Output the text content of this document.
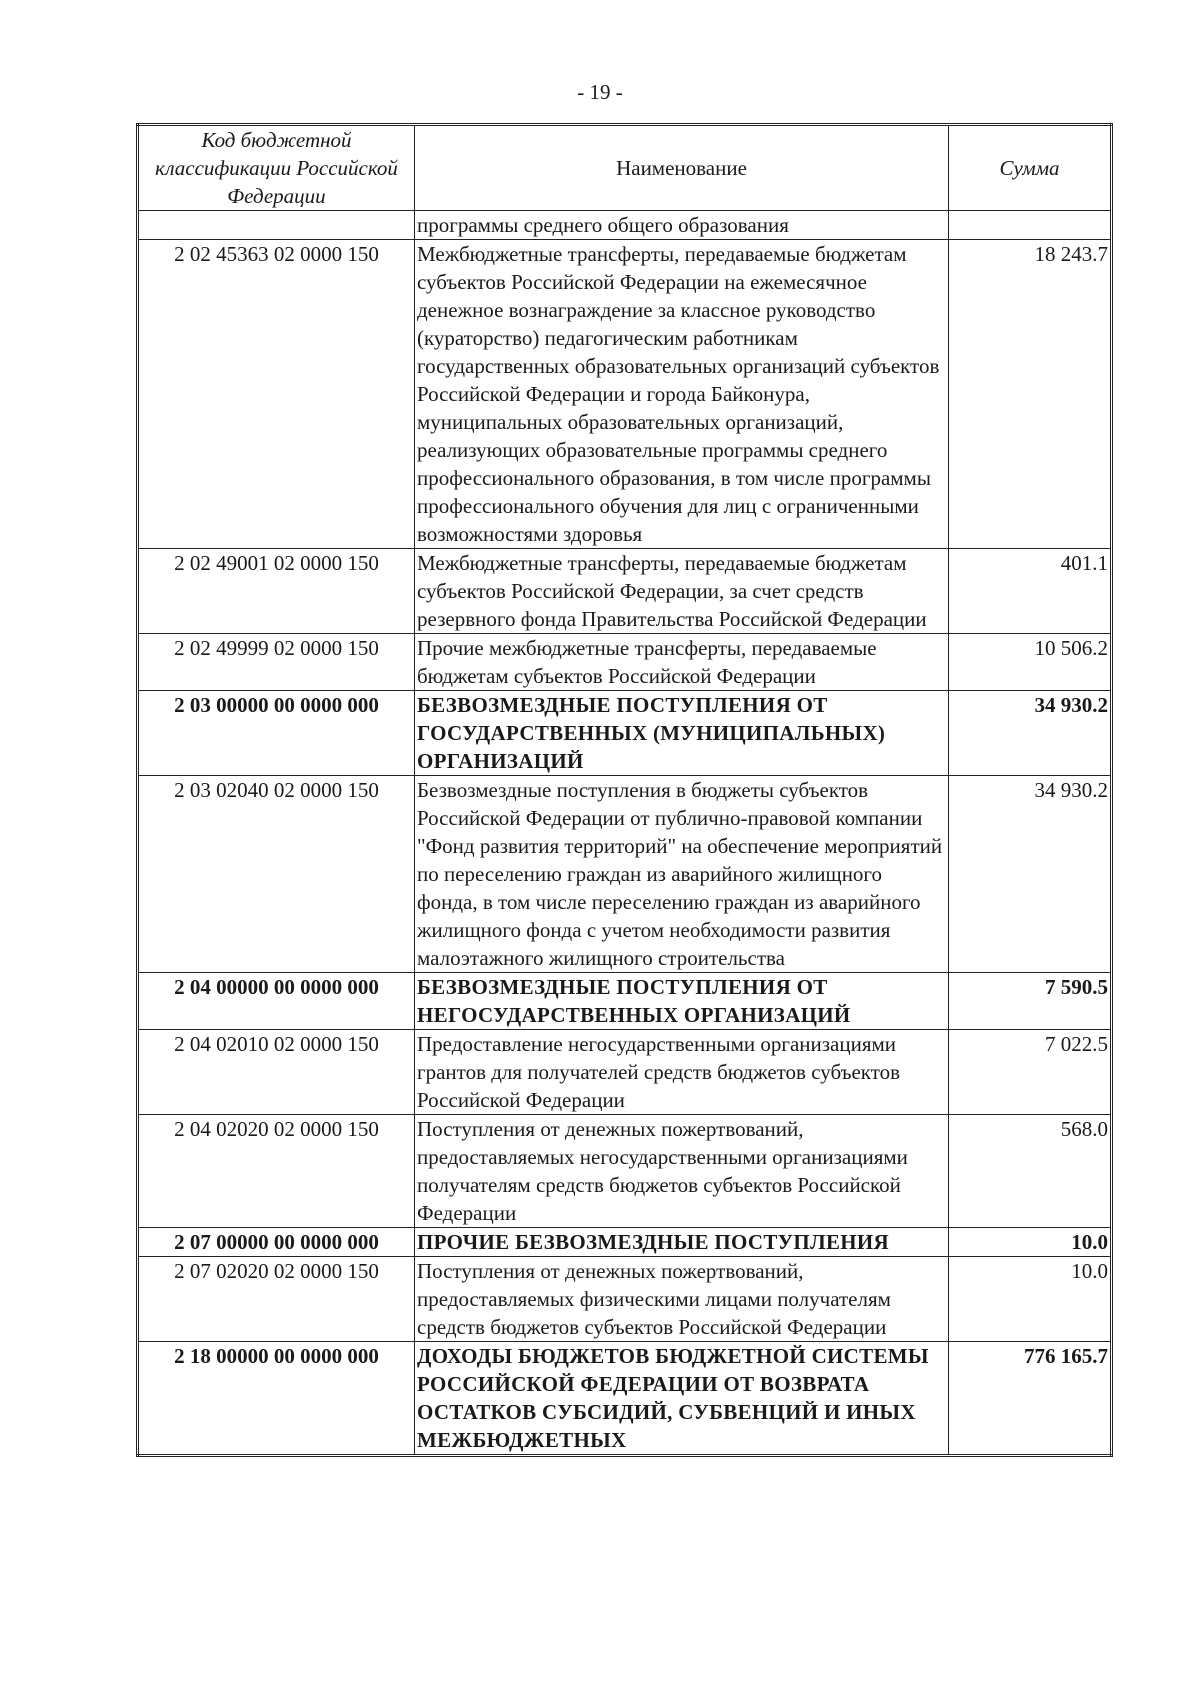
- 19 -
Код бюджетной классификации Российской Федерации	Наименование	Сумма
	программы среднего общего образования	
2 02 45363 02 0000 150	Межбюджетные трансферты, передаваемые бюджетам субъектов Российской Федерации на ежемесячное денежное вознаграждение за классное руководство (кураторство) педагогическим работникам государственных образовательных организаций субъектов Российской Федерации и города Байконура, муниципальных образовательных организаций, реализующих образовательные программы среднего профессионального образования, в том числе программы профессионального обучения для лиц с ограниченными возможностями здоровья	18 243.7
2 02 49001 02 0000 150	Межбюджетные трансферты, передаваемые бюджетам субъектов Российской Федерации, за счет средств резервного фонда Правительства Российской Федерации	401.1
2 02 49999 02 0000 150	Прочие межбюджетные трансферты, передаваемые бюджетам субъектов Российской Федерации	10 506.2
2 03 00000 00 0000 000	БЕЗВОЗМЕЗДНЫЕ ПОСТУПЛЕНИЯ ОТ ГОСУДАРСТВЕННЫХ (МУНИЦИПАЛЬНЫХ) ОРГАНИЗАЦИЙ	34 930.2
2 03 02040 02 0000 150	Безвозмездные поступления в бюджеты субъектов Российской Федерации от публично-правовой компании "Фонд развития территорий" на обеспечение мероприятий по переселению граждан из аварийного жилищного фонда, в том числе переселению граждан из аварийного жилищного фонда с учетом необходимости развития малоэтажного жилищного строительства	34 930.2
2 04 00000 00 0000 000	БЕЗВОЗМЕЗДНЫЕ ПОСТУПЛЕНИЯ ОТ НЕГОСУДАРСТВЕННЫХ ОРГАНИЗАЦИЙ	7 590.5
2 04 02010 02 0000 150	Предоставление негосударственными организациями грантов для получателей средств бюджетов субъектов Российской Федерации	7 022.5
2 04 02020 02 0000 150	Поступления от денежных пожертвований, предоставляемых негосударственными организациями получателям средств бюджетов субъектов Российской Федерации	568.0
2 07 00000 00 0000 000	ПРОЧИЕ БЕЗВОЗМЕЗДНЫЕ ПОСТУПЛЕНИЯ	10.0
2 07 02020 02 0000 150	Поступления от денежных пожертвований, предоставляемых физическими лицами получателям средств бюджетов субъектов Российской Федерации	10.0
2 18 00000 00 0000 000	ДОХОДЫ БЮДЖЕТОВ БЮДЖЕТНОЙ СИСТЕМЫ РОССИЙСКОЙ ФЕДЕРАЦИИ ОТ ВОЗВРАТА ОСТАТКОВ СУБСИДИЙ, СУБВЕНЦИЙ И ИНЫХ МЕЖБЮДЖЕТНЫХ	776 165.7
